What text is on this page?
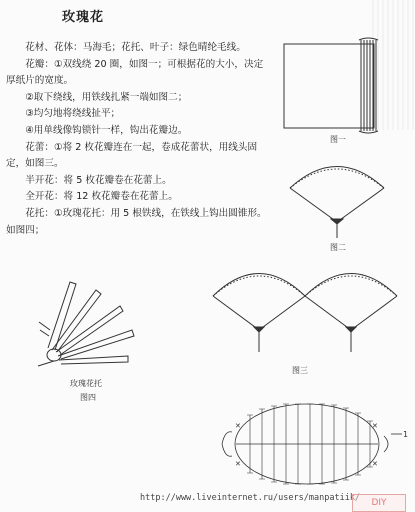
玫瑰花

花材、花体：马海毛；花托、叶子：绿色晴纶毛线。

花瓣：①双线绕 20 圈，如图一；可根据花的大小，决定厚纸片的宽度。

②取下绕线，用铁线扎紧一端如图二；

③均匀地将绕线扯平；

④用单线像钩锁针一样，钩出花瓣边。

花蕾：①将 2 枚花瓣连在一起，卷成花蕾状，用线头固定，如图三。

半开花：将 5 枚花瓣卷在花蕾上。

全开花：将 12 枚花瓣卷在花蕾上。

花托：①玫瑰花托：用 5 根铁线，在铁线上钩出圆锥形。如图四；

✕
✕
✕
✕
1
图一
图二
图三
玫瑰花托
图四
http://www.liveinternet.ru/users/manpatiik/	DIY
